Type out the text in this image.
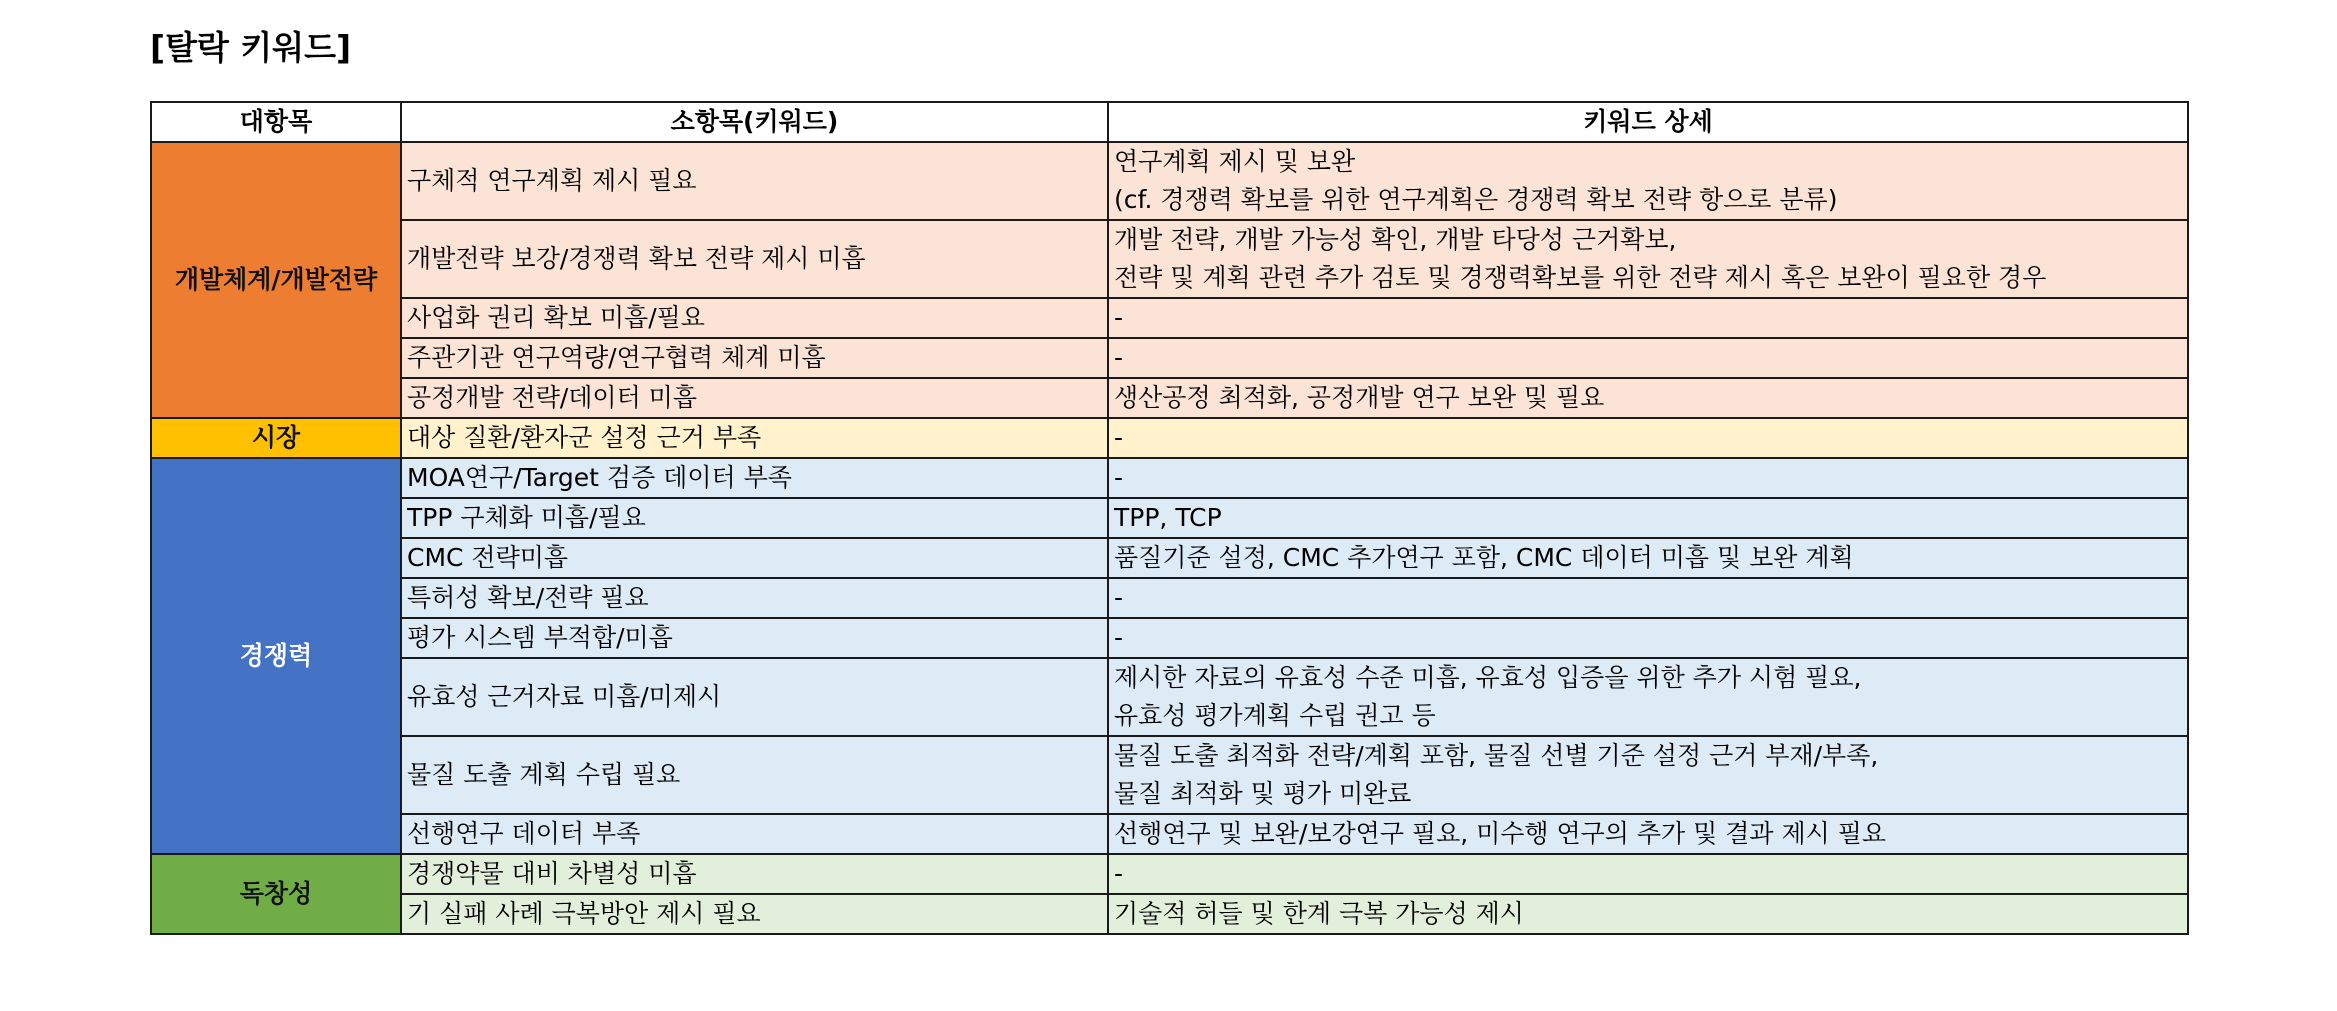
[탈락 키워드]
대항목	소항목(키워드)	키워드 상세
개발체계/개발전략	구체적 연구계획 제시 필요	연구계획 제시 및 보완
(cf. 경쟁력 확보를 위한 연구계획은 경쟁력 확보 전략 항으로 분류)

	개발전략 보강/경쟁력 확보 전략 제시 미흡	개발 전략, 개발 가능성 확인, 개발 타당성 근거확보,
전략 및 계획 관련 추가 검토 및 경쟁력확보를 위한 전략 제시 혹은 보완이 필요한 경우

	사업화 권리 확보 미흡/필요	-
	주관기관 연구역량/연구협력 체계 미흡	-
	공정개발 전략/데이터 미흡	생산공정 최적화, 공정개발 연구 보완 및 필요
시장	대상 질환/환자군 설정 근거 부족	-
경쟁력	MOA연구/Target 검증 데이터 부족	-
	TPP 구체화 미흡/필요	TPP, TCP
	CMC 전략미흡	품질기준 설정, CMC 추가연구 포함, CMC 데이터 미흡 및 보완 계획
	특허성 확보/전략 필요	-
	평가 시스템 부적합/미흡	-
	유효성 근거자료 미흡/미제시	제시한 자료의 유효성 수준 미흡, 유효성 입증을 위한 추가 시험 필요,
유효성 평가계획 수립 권고 등

	물질 도출 계획 수립 필요	물질 도출 최적화 전략/계획 포함, 물질 선별 기준 설정 근거 부재/부족,
물질 최적화 및 평가 미완료

	선행연구 데이터 부족	선행연구 및 보완/보강연구 필요, 미수행 연구의 추가 및 결과 제시 필요
독창성	경쟁약물 대비 차별성 미흡	-
	기 실패 사례 극복방안 제시 필요	기술적 허들 및 한계 극복 가능성 제시
